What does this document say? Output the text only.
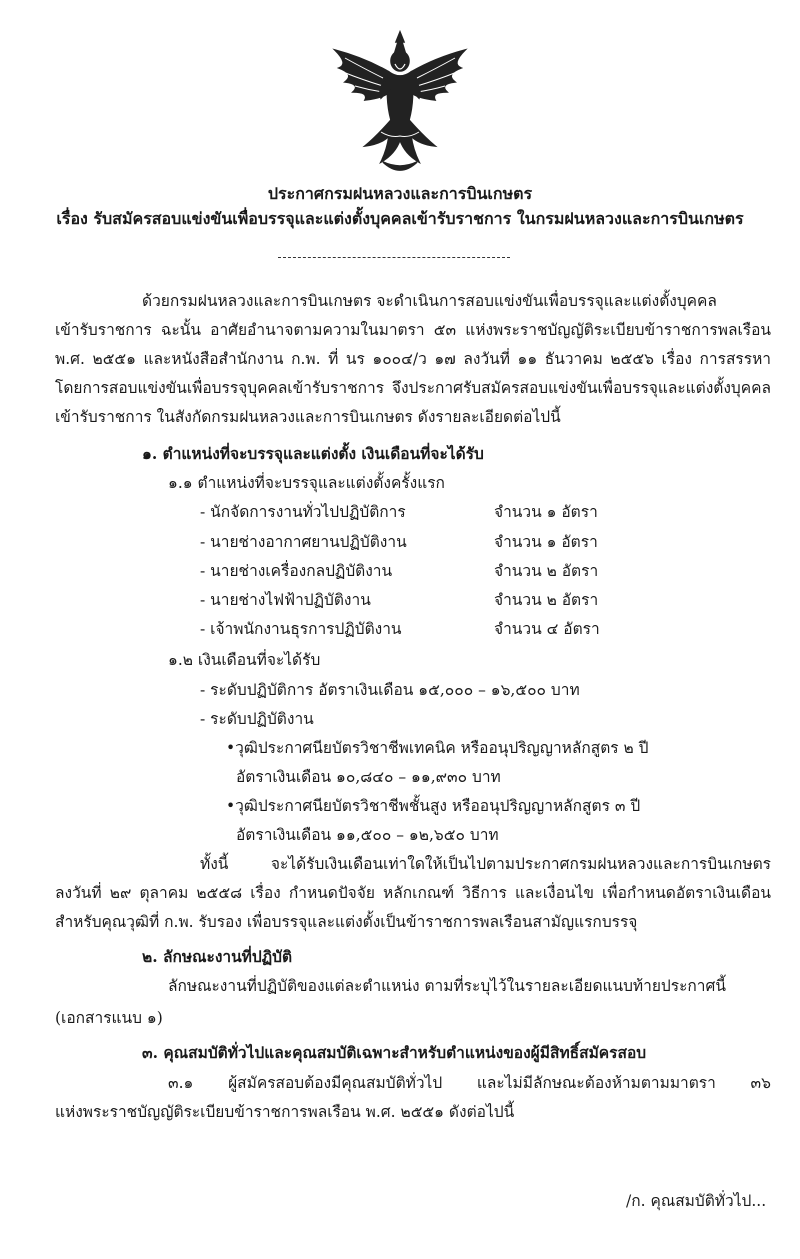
ประกาศกรมฝนหลวงและการบินเกษตร
เรื่อง รับสมัครสอบแข่งขันเพื่อบรรจุและแต่งตั้งบุคคลเข้ารับราชการ ในกรมฝนหลวงและการบินเกษตร
ด้วยกรมฝนหลวงและการบินเกษตร จะดำเนินการสอบแข่งขันเพื่อบรรจุและแต่งตั้งบุคคล
เข้ารับราชการ ฉะนั้น อาศัยอำนาจตามความในมาตรา ๕๓ แห่งพระราชบัญญัติระเบียบข้าราชการพลเรือน
พ.ศ. ๒๕๕๑ และหนังสือสำนักงาน ก.พ. ที่ นร ๑๐๐๔/ว ๑๗ ลงวันที่ ๑๑ ธันวาคม ๒๕๕๖ เรื่อง การสรรหา
โดยการสอบแข่งขันเพื่อบรรจุบุคคลเข้ารับราชการ จึงประกาศรับสมัครสอบแข่งขันเพื่อบรรจุและแต่งตั้งบุคคล
เข้ารับราชการ ในสังกัดกรมฝนหลวงและการบินเกษตร ดังรายละเอียดต่อไปนี้
๑. ตำแหน่งที่จะบรรจุและแต่งตั้ง เงินเดือนที่จะได้รับ
๑.๑ ตำแหน่งที่จะบรรจุและแต่งตั้งครั้งแรก
- นักจัดการงานทั่วไปปฏิบัติการ	จำนวน ๑ อัตรา
- นายช่างอากาศยานปฏิบัติงาน	จำนวน ๑ อัตรา
- นายช่างเครื่องกลปฏิบัติงาน	จำนวน ๒ อัตรา
- นายช่างไฟฟ้าปฏิบัติงาน	จำนวน ๒ อัตรา
- เจ้าพนักงานธุรการปฏิบัติงาน	จำนวน ๔ อัตรา
๑.๒ เงินเดือนที่จะได้รับ
- ระดับปฏิบัติการ อัตราเงินเดือน ๑๕,๐๐๐ – ๑๖,๕๐๐ บาท
- ระดับปฏิบัติงาน
•วุฒิประกาศนียบัตรวิชาชีพเทคนิค หรืออนุปริญญาหลักสูตร ๒ ปี
อัตราเงินเดือน ๑๐,๘๔๐ – ๑๑,๙๓๐ บาท
•วุฒิประกาศนียบัตรวิชาชีพชั้นสูง หรืออนุปริญญาหลักสูตร ๓ ปี
อัตราเงินเดือน ๑๑,๕๐๐ – ๑๒,๖๕๐ บาท
ทั้งนี้ จะได้รับเงินเดือนเท่าใดให้เป็นไปตามประกาศกรมฝนหลวงและการบินเกษตร
ลงวันที่ ๒๙ ตุลาคม ๒๕๕๘ เรื่อง กำหนดปัจจัย หลักเกณฑ์ วิธีการ และเงื่อนไข เพื่อกำหนดอัตราเงินเดือน
สำหรับคุณวุฒิที่ ก.พ. รับรอง เพื่อบรรจุและแต่งตั้งเป็นข้าราชการพลเรือนสามัญแรกบรรจุ
๒. ลักษณะงานที่ปฏิบัติ
ลักษณะงานที่ปฏิบัติของแต่ละตำแหน่ง ตามที่ระบุไว้ในรายละเอียดแนบท้ายประกาศนี้
(เอกสารแนบ ๑)
๓. คุณสมบัติทั่วไปและคุณสมบัติเฉพาะสำหรับตำแหน่งของผู้มีสิทธิ์สมัครสอบ
๓.๑ ผู้สมัครสอบต้องมีคุณสมบัติทั่วไป และไม่มีลักษณะต้องห้ามตามมาตรา ๓๖
แห่งพระราชบัญญัติระเบียบข้าราชการพลเรือน พ.ศ. ๒๕๕๑ ดังต่อไปนี้
/ก. คุณสมบัติทั่วไป...
